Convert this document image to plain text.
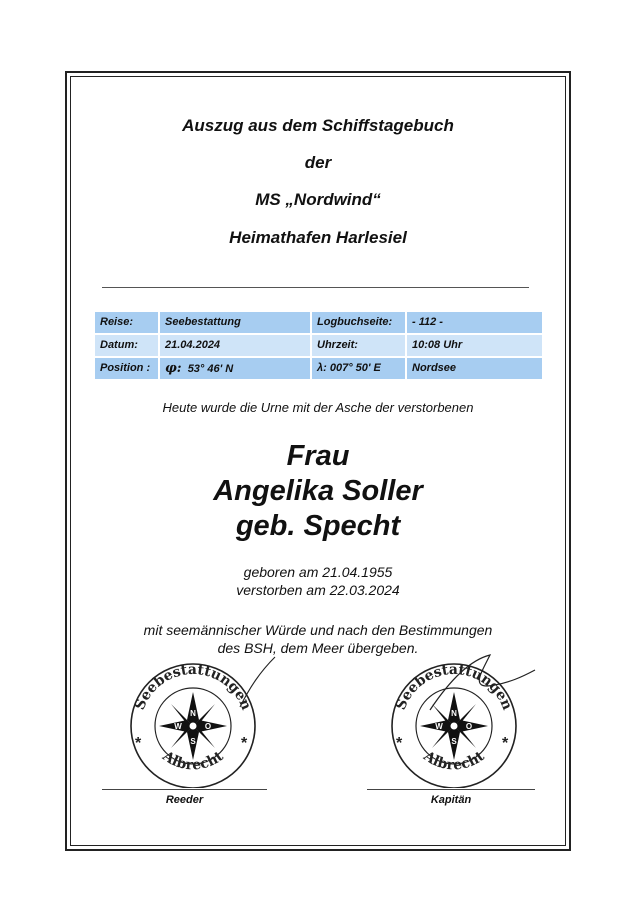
Auszug aus dem Schiffstagebuch
der
MS „Nordwind“
Heimathafen Harlesiel
Reise:	Seebestattung	Logbuchseite:	- 112 -
Datum:	21.04.2024	Uhrzeit:	10:08 Uhr
Position :	φ: 53° 46' N	λ: 007° 50' E	Nordsee
Heute wurde die Urne mit der Asche der verstorbenen
Frau
Angelika Soller
geb. Specht
geboren am 21.04.1955
verstorben am 22.03.2024
mit seemännischer Würde und nach den Bestimmungen
des BSH, dem Meer übergeben.
Seebestattungen
Albrecht
*	*
N
S
W	O
Seebestattungen
Albrecht
*	*
N
S
W	O
Reeder	Kapitän
